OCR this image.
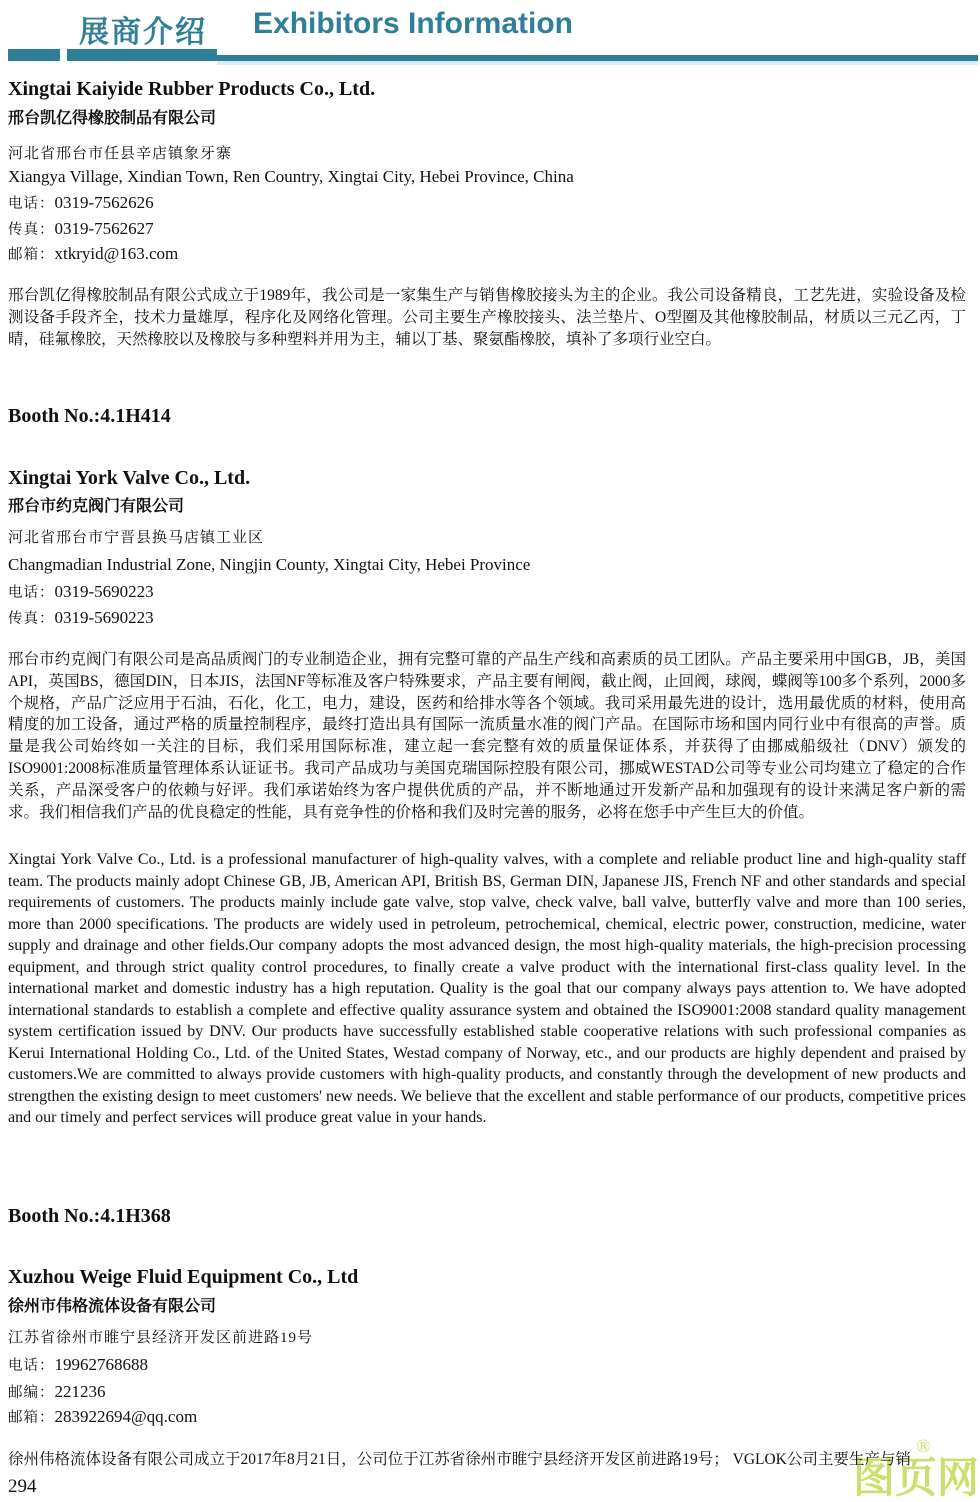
®
图页网
展商介绍 Exhibitors Information
Xingtai Kaiyide Rubber Products Co., Ltd.
邢台凯亿得橡胶制品有限公司
河北省邢台市任县辛店镇象牙寨
Xiangya Village, Xindian Town, Ren Country, Xingtai City, Hebei Province, China
电话：0319-7562626
传真：0319-7562627
邮箱：xtkryid@163.com
邢台凯亿得橡胶制品有限公式成立于1989年，我公司是一家集生产与销售橡胶接头为主的企业。我公司设备精良，工艺先进，实验设备及检测设备手段齐全，技术力量雄厚，程序化及网络化管理。公司主要生产橡胶接头、法兰垫片、O型圈及其他橡胶制品，材质以三元乙丙，丁晴，硅氟橡胶，天然橡胶以及橡胶与多种塑料并用为主，辅以丁基、聚氨酯橡胶，填补了多项行业空白。
Booth No.:4.1H414
Xingtai York Valve Co., Ltd.
邢台市约克阀门有限公司
河北省邢台市宁晋县换马店镇工业区
Changmadian Industrial Zone, Ningjin County, Xingtai City, Hebei Province
电话：0319-5690223
传真：0319-5690223
邢台市约克阀门有限公司是高品质阀门的专业制造企业，拥有完整可靠的产品生产线和高素质的员工团队。产品主要采用中国GB，JB，美国API，英国BS，德国DIN，日本JIS，法国NF等标准及客户特殊要求，产品主要有闸阀，截止阀，止回阀，球阀，蝶阀等100多个系列，2000多个规格，产品广泛应用于石油，石化，化工，电力，建设，医药和给排水等各个领域。我司采用最先进的设计，选用最优质的材料，使用高精度的加工设备，通过严格的质量控制程序，最终打造出具有国际一流质量水准的阀门产品。在国际市场和国内同行业中有很高的声誉。质量是我公司始终如一关注的目标，我们采用国际标准，建立起一套完整有效的质量保证体系，并获得了由挪威船级社（DNV）颁发的ISO9001:2008标准质量管理体系认证证书。我司产品成功与美国克瑞国际控股有限公司，挪威WESTAD公司等专业公司均建立了稳定的合作关系，产品深受客户的依赖与好评。我们承诺始终为客户提供优质的产品，并不断地通过开发新产品和加强现有的设计来满足客户新的需求。我们相信我们产品的优良稳定的性能，具有竞争性的价格和我们及时完善的服务，必将在您手中产生巨大的价值。
Xingtai York Valve Co., Ltd. is a professional manufacturer of high-quality valves, with a complete and reliable product line and high-quality staff team. The products mainly adopt Chinese GB, JB, American API, British BS, German DIN, Japanese JIS, French NF and other standards and special requirements of customers. The products mainly include gate valve, stop valve, check valve, ball valve, butterfly valve and more than 100 series, more than 2000 specifications. The products are widely used in petroleum, petrochemical, chemical, electric power, construction, medicine, water supply and drainage and other fields.Our company adopts the most advanced design, the most high-quality materials, the high-precision processing equipment, and through strict quality control procedures, to finally create a valve product with the international first-class quality level. In the international market and domestic industry has a high reputation. Quality is the goal that our company always pays attention to. We have adopted international standards to establish a complete and effective quality assurance system and obtained the ISO9001:2008 standard quality management system certification issued by DNV. Our products have successfully established stable cooperative relations with such professional companies as Kerui International Holding Co., Ltd. of the United States, Westad company of Norway, etc., and our products are highly dependent and praised by customers.We are committed to always provide customers with high-quality products, and constantly through the development of new products and strengthen the existing design to meet customers' new needs. We believe that the excellent and stable performance of our products, competitive prices and our timely and perfect services will produce great value in your hands.
Booth No.:4.1H368
Xuzhou Weige Fluid Equipment Co., Ltd
徐州市伟格流体设备有限公司
江苏省徐州市睢宁县经济开发区前进路19号
电话：19962768688
邮编：221236
邮箱：283922694@qq.com
徐州伟格流体设备有限公司成立于2017年8月21日，公司位于江苏省徐州市睢宁县经济开发区前进路19号； VGLOK公司主要生产与销
294
